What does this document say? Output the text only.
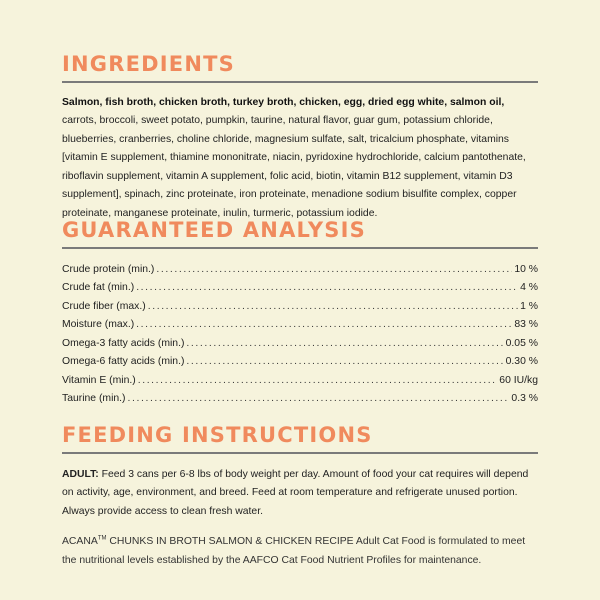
INGREDIENTS

Salmon, fish broth, chicken broth, turkey broth, chicken, egg, dried egg white, salmon oil, carrots, broccoli, sweet potato, pumpkin, taurine, natural flavor, guar gum, potassium chloride, blueberries, cranberries, choline chloride, magnesium sulfate, salt, tricalcium phosphate, vitamins [vitamin E supplement, thiamine mononitrate, niacin, pyridoxine hydrochloride, calcium pantothenate, riboflavin supplement, vitamin A supplement, folic acid, biotin, vitamin B12 supplement, vitamin D3 supplement], spinach, zinc proteinate, iron proteinate, menadione sodium bisulfite complex, copper proteinate, manganese proteinate, inulin, turmeric, potassium iodide.

GUARANTEED ANALYSIS
Crude protein (min.) .....	10 %
Crude fat (min.) .....	4 %
Crude fiber (max.) .....	1 %
Moisture (max.) .....	83 %
Omega-3 fatty acids (min.) .....	0.05 %
Omega-6 fatty acids (min.) .....	0.30 %
Vitamin E (min.) .....	60 IU/kg
Taurine (min.) .....	0.3 %
FEEDING INSTRUCTIONS

ADULT: Feed 3 cans per 6-8 lbs of body weight per day. Amount of food your cat requires will depend on activity, age, environment, and breed. Feed at room temperature and refrigerate unused portion. Always provide access to clean fresh water.

ACANA™ CHUNKS IN BROTH SALMON & CHICKEN RECIPE Adult Cat Food is formulated to meet the nutritional levels established by the AAFCO Cat Food Nutrient Profiles for maintenance.
